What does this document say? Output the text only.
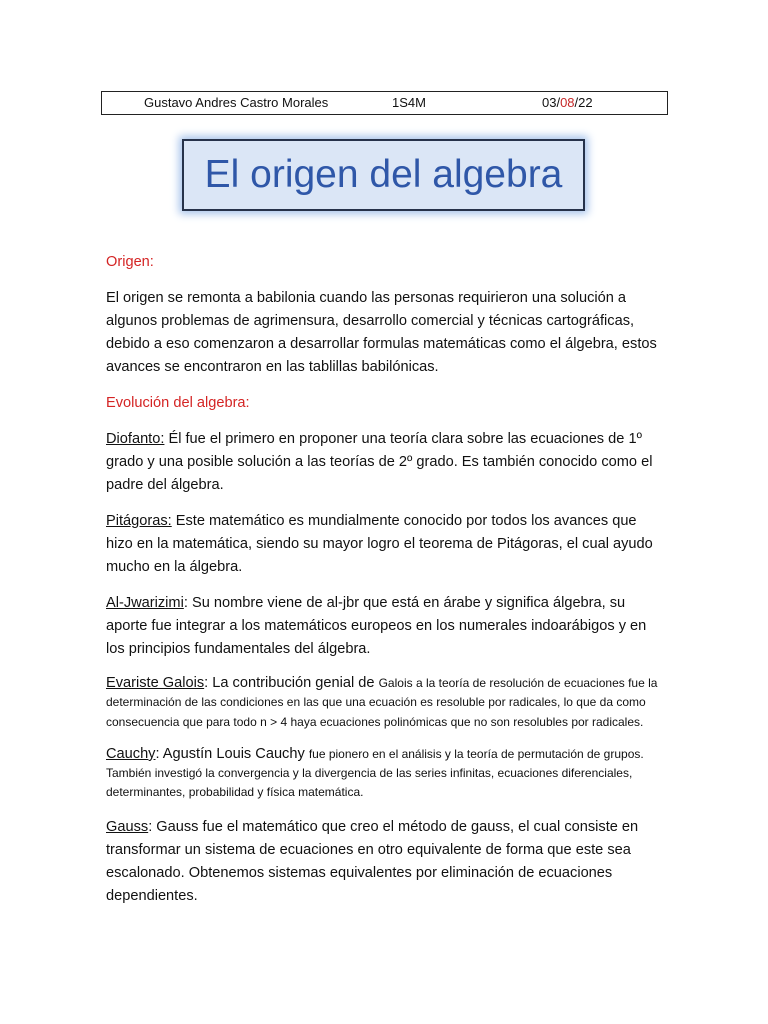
Gustavo Andres Castro Morales	1S4M	03/08/22
El origen del algebra

Origen:

El origen se remonta a babilonia cuando las personas requirieron una solución a algunos problemas de agrimensura, desarrollo comercial y técnicas cartográficas, debido a eso comenzaron a desarrollar formulas matemáticas como el álgebra, estos avances se encontraron en las tablillas babilónicas.

Evolución del algebra:

Diofanto: Él fue el primero en proponer una teoría clara sobre las ecuaciones de 1º grado y una posible solución a las teorías de 2º grado. Es también conocido como el padre del álgebra.

Pitágoras: Este matemático es mundialmente conocido por todos los avances que hizo en la matemática, siendo su mayor logro el teorema de Pitágoras, el cual ayudo mucho en la álgebra.

Al-Jwarizimi: Su nombre viene de al-jbr que está en árabe y significa álgebra, su aporte fue integrar a los matemáticos europeos en los numerales indoarábigos y en los principios fundamentales del álgebra.

Evariste Galois: La contribución genial de Galois a la teoría de resolución de ecuaciones fue la determinación de las condiciones en las que una ecuación es resoluble por radicales, lo que da como consecuencia que para todo n > 4 haya ecuaciones polinómicas que no son resolubles por radicales.

Cauchy: Agustín Louis Cauchy fue pionero en el análisis y la teoría de permutación de grupos. También investigó la convergencia y la divergencia de las series infinitas, ecuaciones diferenciales, determinantes, probabilidad y física matemática.

Gauss: Gauss fue el matemático que creo el método de gauss, el cual consiste en transformar un sistema de ecuaciones en otro equivalente de forma que este sea escalonado. Obtenemos sistemas equivalentes por eliminación de ecuaciones dependientes.
